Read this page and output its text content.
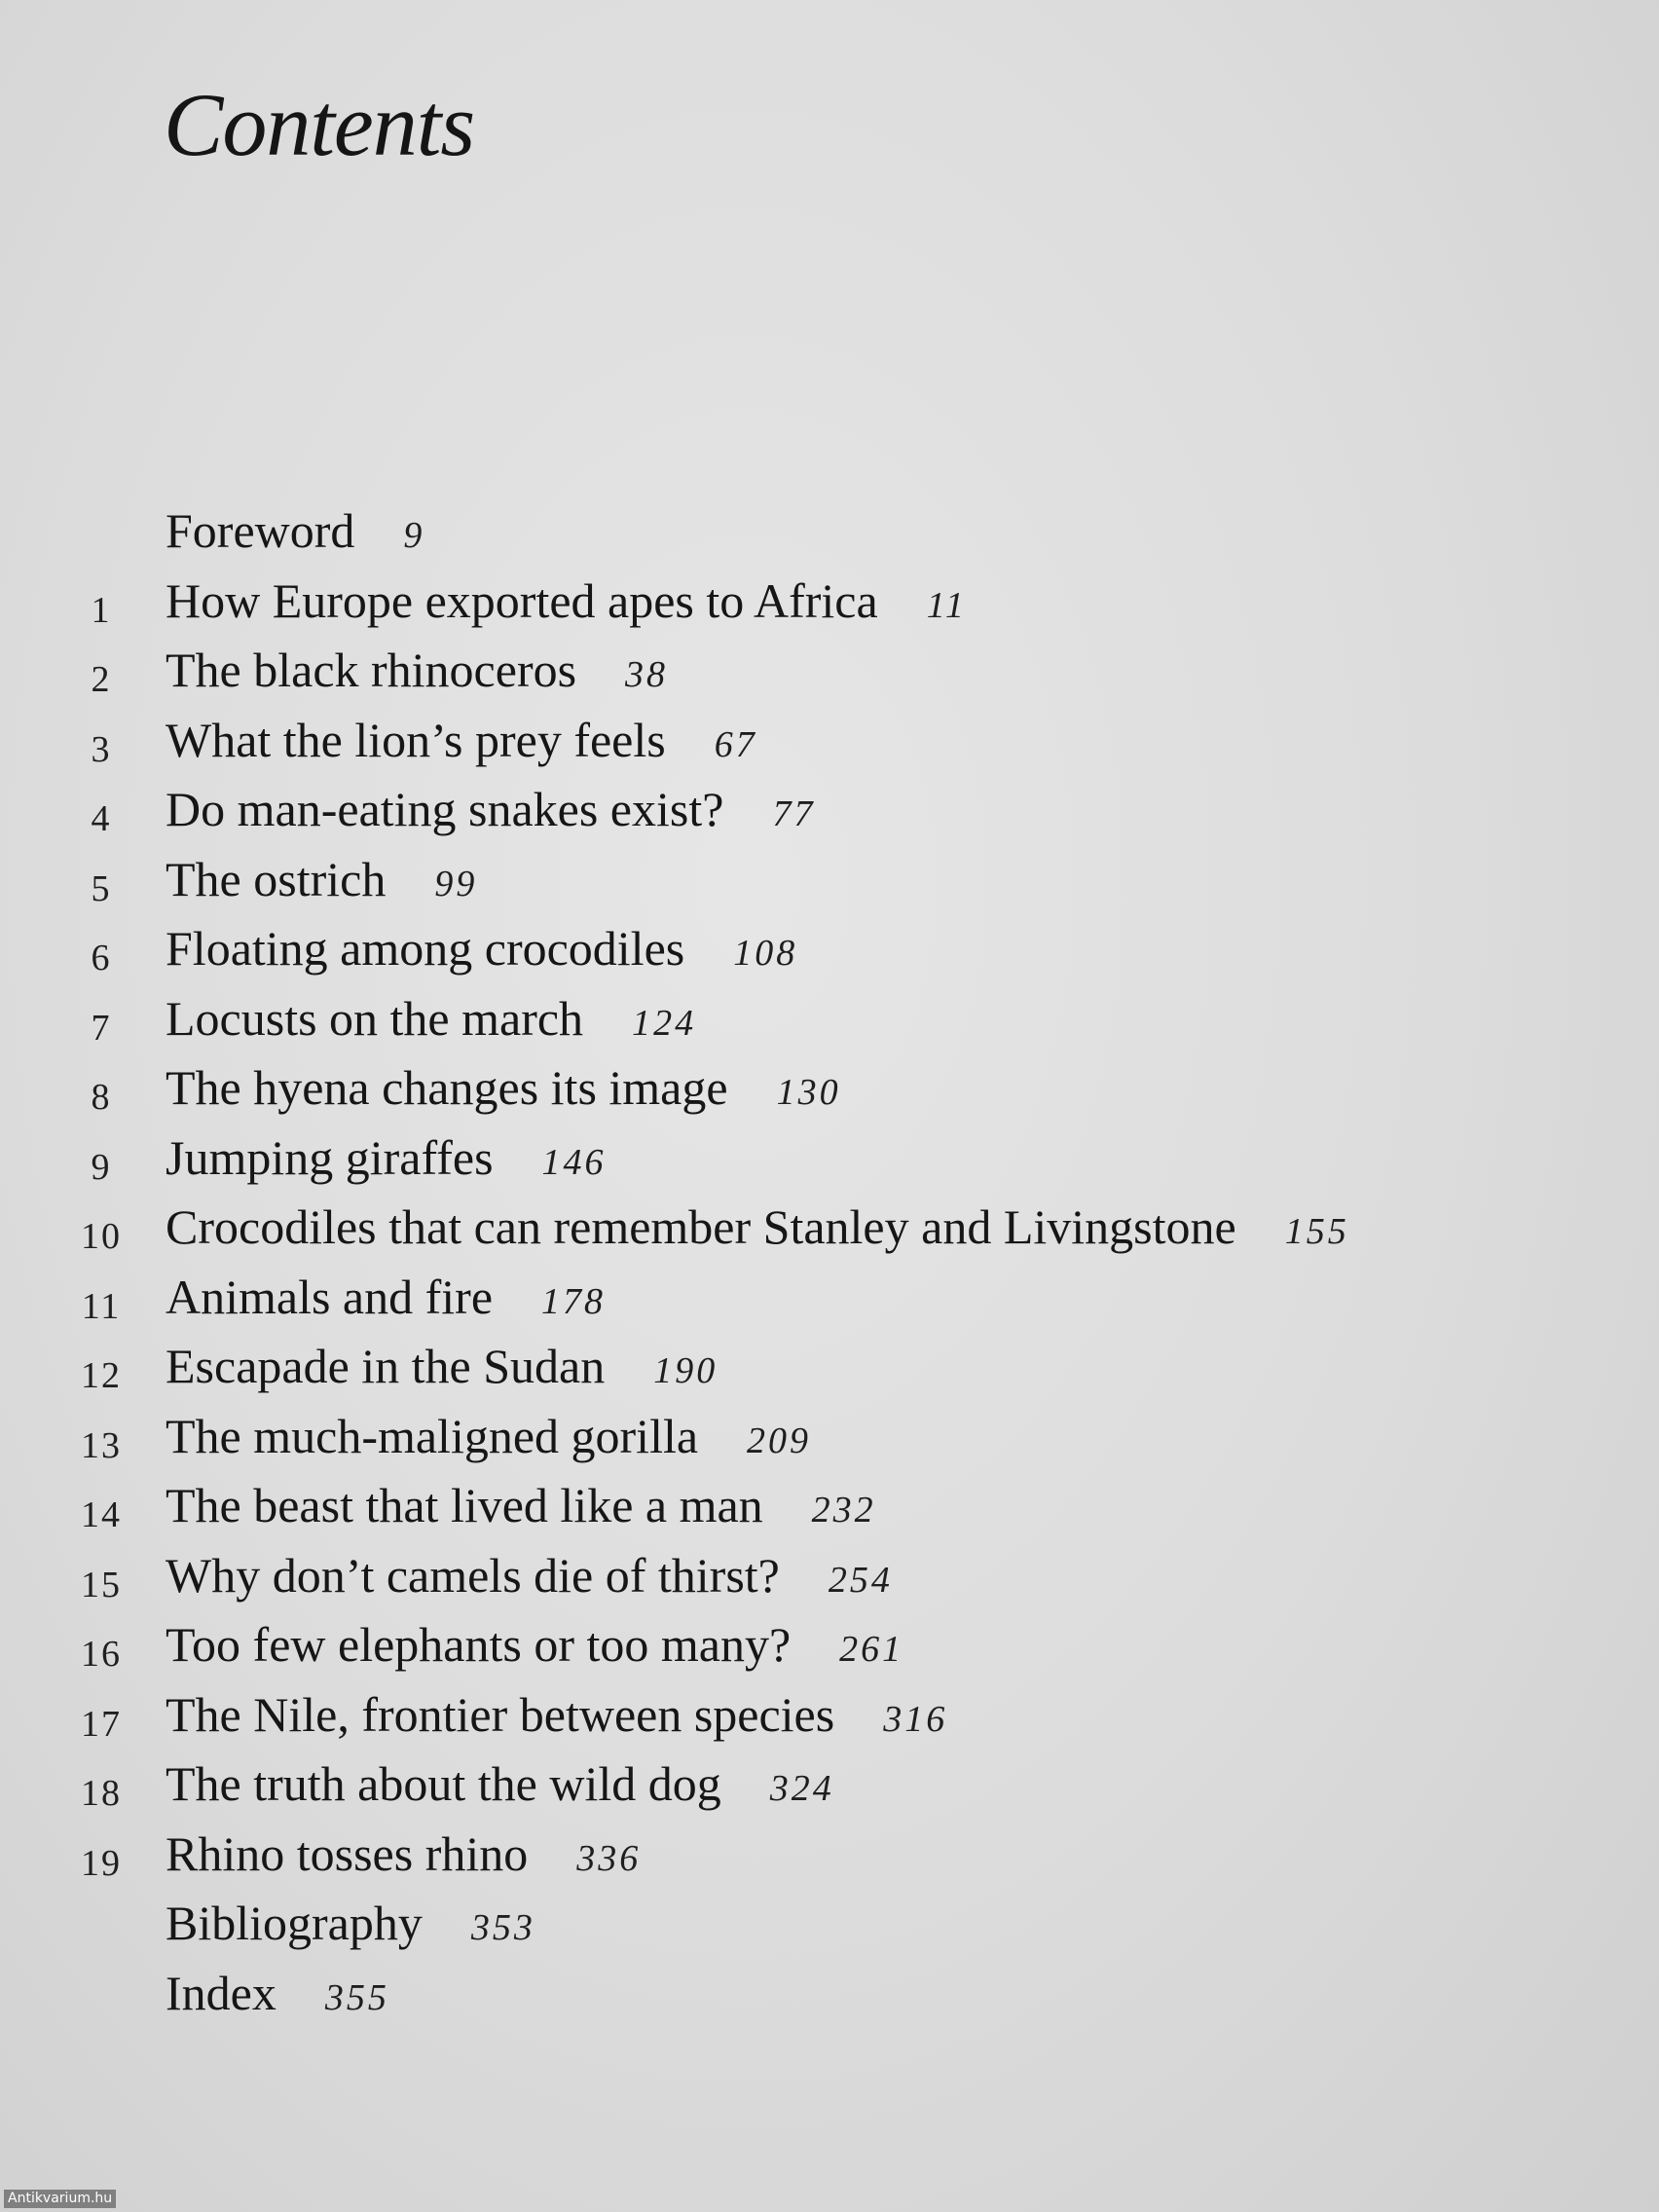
Contents
Foreword 9
1	How Europe exported apes to Africa 11
2	The black rhinoceros 38
3	What the lion’s prey feels 67
4	Do man-eating snakes exist? 77
5	The ostrich 99
6	Floating among crocodiles 108
7	Locusts on the march 124
8	The hyena changes its image 130
9	Jumping giraffes 146
10 Crocodiles that can remember Stanley and Livingstone 155
11 Animals and fire 178
12 Escapade in the Sudan 190
13 The much-maligned gorilla 209
14 The beast that lived like a man 232
15 Why don’t camels die of thirst? 254
16 Too few elephants or too many? 261
17 The Nile, frontier between species 316
18 The truth about the wild dog 324
19 Rhino tosses rhino 336
Bibliography 353
Index 355
Antikvarium.hu
